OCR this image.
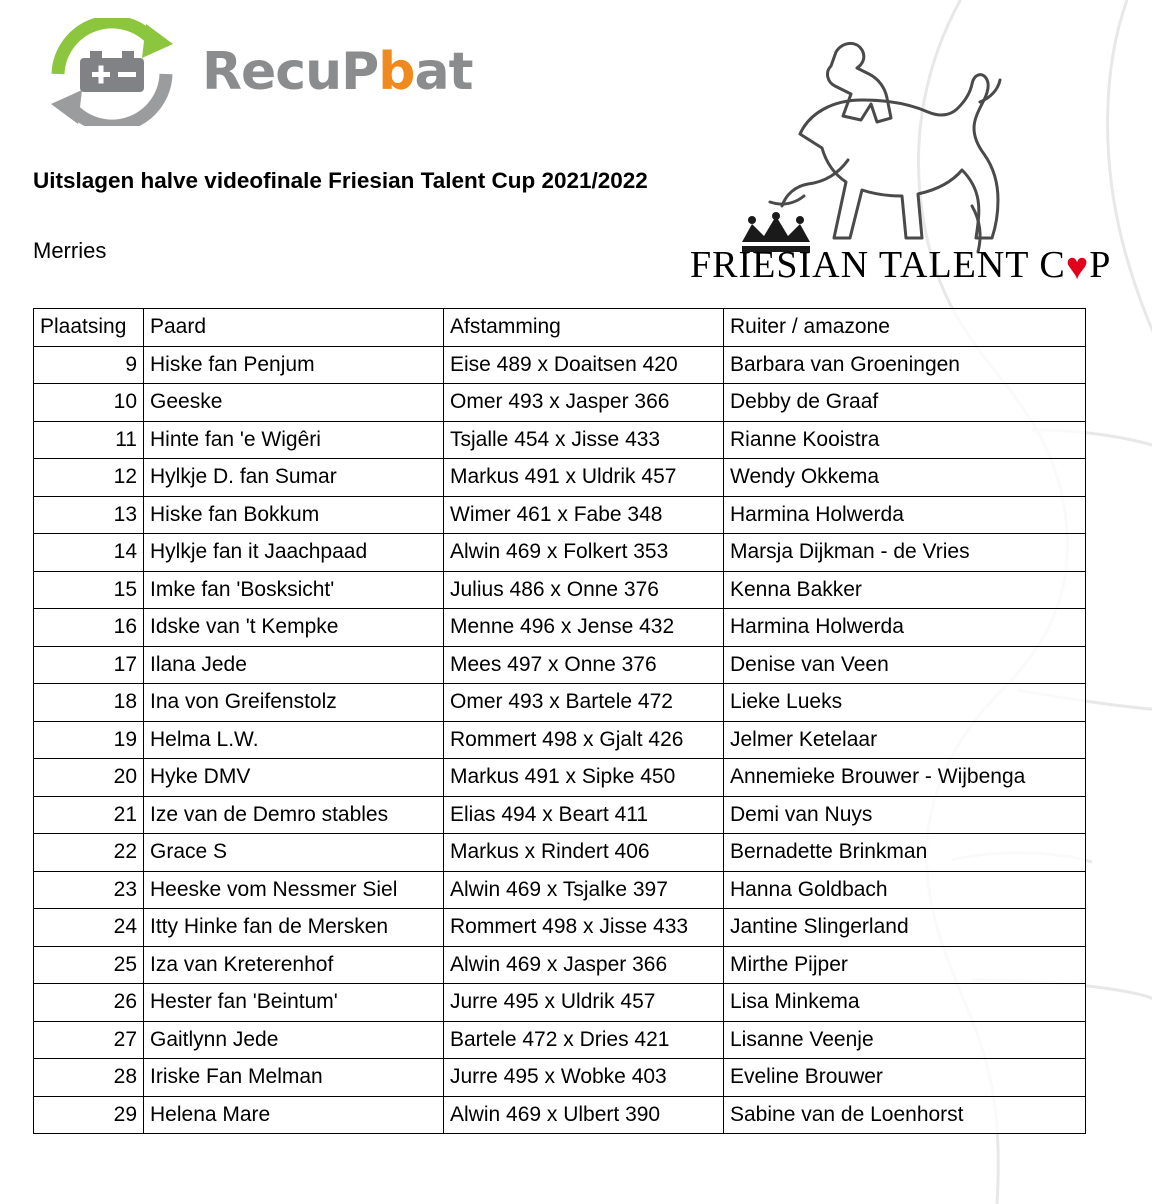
RecuPbat
FRIESIAN TALENT C♥P
Uitslagen halve videofinale Friesian Talent Cup 2021/2022
Merries
Plaatsing	Paard	Afstamming	Ruiter / amazone
9	Hiske fan Penjum	Eise 489 x Doaitsen 420	Barbara van Groeningen
10	Geeske	Omer 493 x Jasper 366	Debby de Graaf
11	Hinte fan 'e Wigêri	Tsjalle 454 x Jisse 433	Rianne Kooistra
12	Hylkje D. fan Sumar	Markus 491 x Uldrik 457	Wendy Okkema
13	Hiske fan Bokkum	Wimer 461 x Fabe 348	Harmina Holwerda
14	Hylkje fan it Jaachpaad	Alwin 469 x Folkert 353	Marsja Dijkman - de Vries
15	Imke fan 'Bosksicht'	Julius 486 x Onne 376	Kenna Bakker
16	Idske van 't Kempke	Menne 496 x Jense 432	Harmina Holwerda
17	Ilana Jede	Mees 497 x Onne 376	Denise van Veen
18	Ina von Greifenstolz	Omer 493 x Bartele 472	Lieke Lueks
19	Helma L.W.	Rommert 498 x Gjalt 426	Jelmer Ketelaar
20	Hyke DMV	Markus 491 x Sipke 450	Annemieke Brouwer - Wijbenga
21	Ize van de Demro stables	Elias 494 x Beart 411	Demi van Nuys
22	Grace S	Markus x Rindert 406	Bernadette Brinkman
23	Heeske vom Nessmer Siel	Alwin 469 x Tsjalke 397	Hanna Goldbach
24	Itty Hinke fan de Mersken	Rommert 498 x Jisse 433	Jantine Slingerland
25	Iza van Kreterenhof	Alwin 469 x Jasper 366	Mirthe Pijper
26	Hester fan 'Beintum'	Jurre 495 x Uldrik 457	Lisa Minkema
27	Gaitlynn Jede	Bartele 472 x Dries 421	Lisanne Veenje
28	Iriske Fan Melman	Jurre 495 x Wobke 403	Eveline Brouwer
29	Helena Mare	Alwin 469 x Ulbert 390	Sabine van de Loenhorst
